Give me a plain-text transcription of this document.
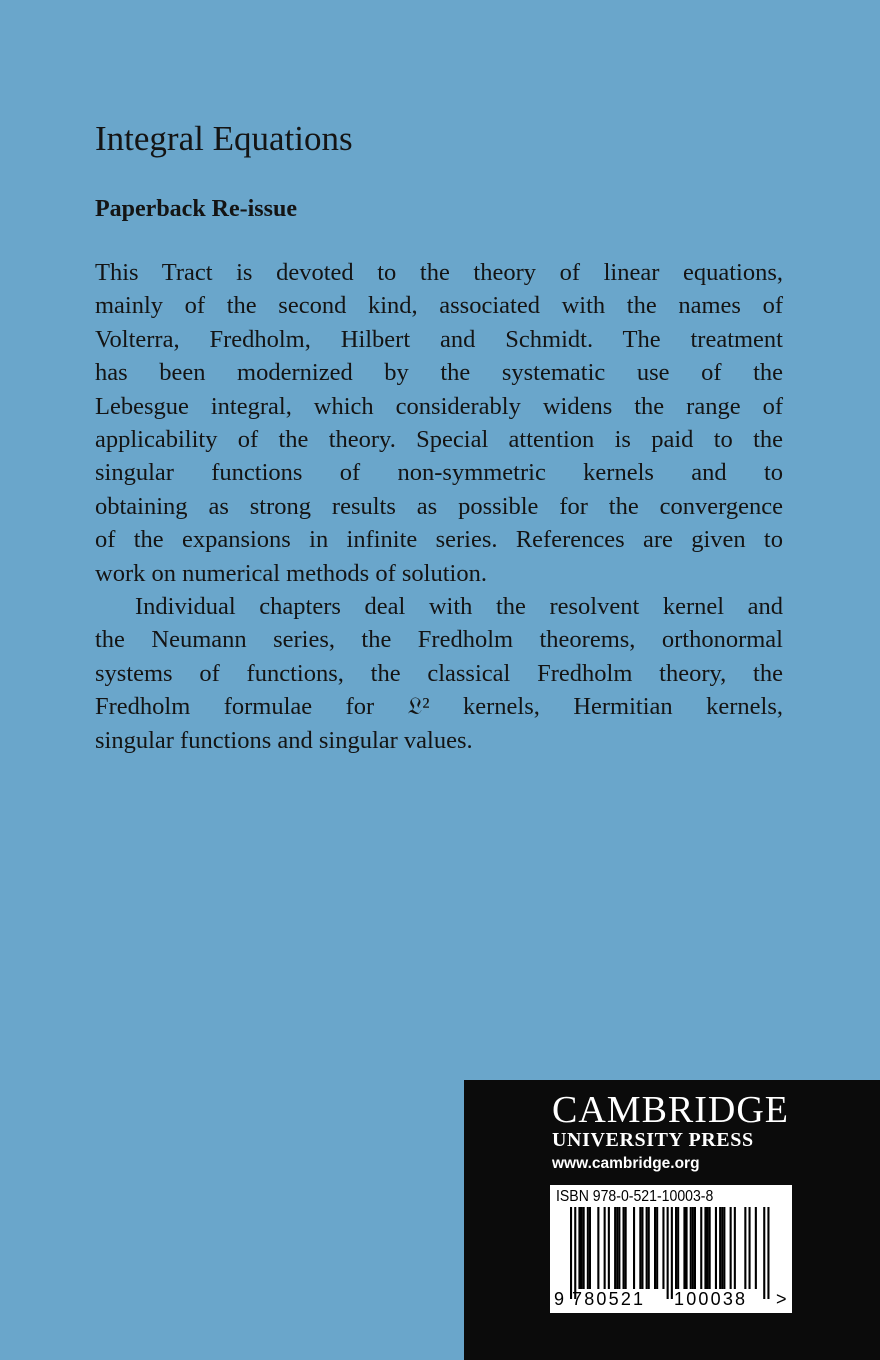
Integral Equations
Paperback Re-issue

This Tract is devoted to the theory of linear equations,
mainly of the second kind, associated with the names of
Volterra, Fredholm, Hilbert and Schmidt. The treatment
has been modernized by the systematic use of the
Lebesgue integral, which considerably widens the range of
applicability of the theory. Special attention is paid to the
singular functions of non-symmetric kernels and to
obtaining as strong results as possible for the convergence
of the expansions in infinite series. References are given to
work on numerical methods of solution.

Individual chapters deal with the resolvent kernel and
the Neumann series, the Fredholm theorems, orthonormal
systems of functions, the classical Fredholm theory, the
Fredholm formulae for 𝔏² kernels, Hermitian kernels,
singular functions and singular values.

CAMBRIDGE
UNIVERSITY PRESS
www.cambridge.org
ISBN 978-0-521-10003-8
9 780521 100038 >
